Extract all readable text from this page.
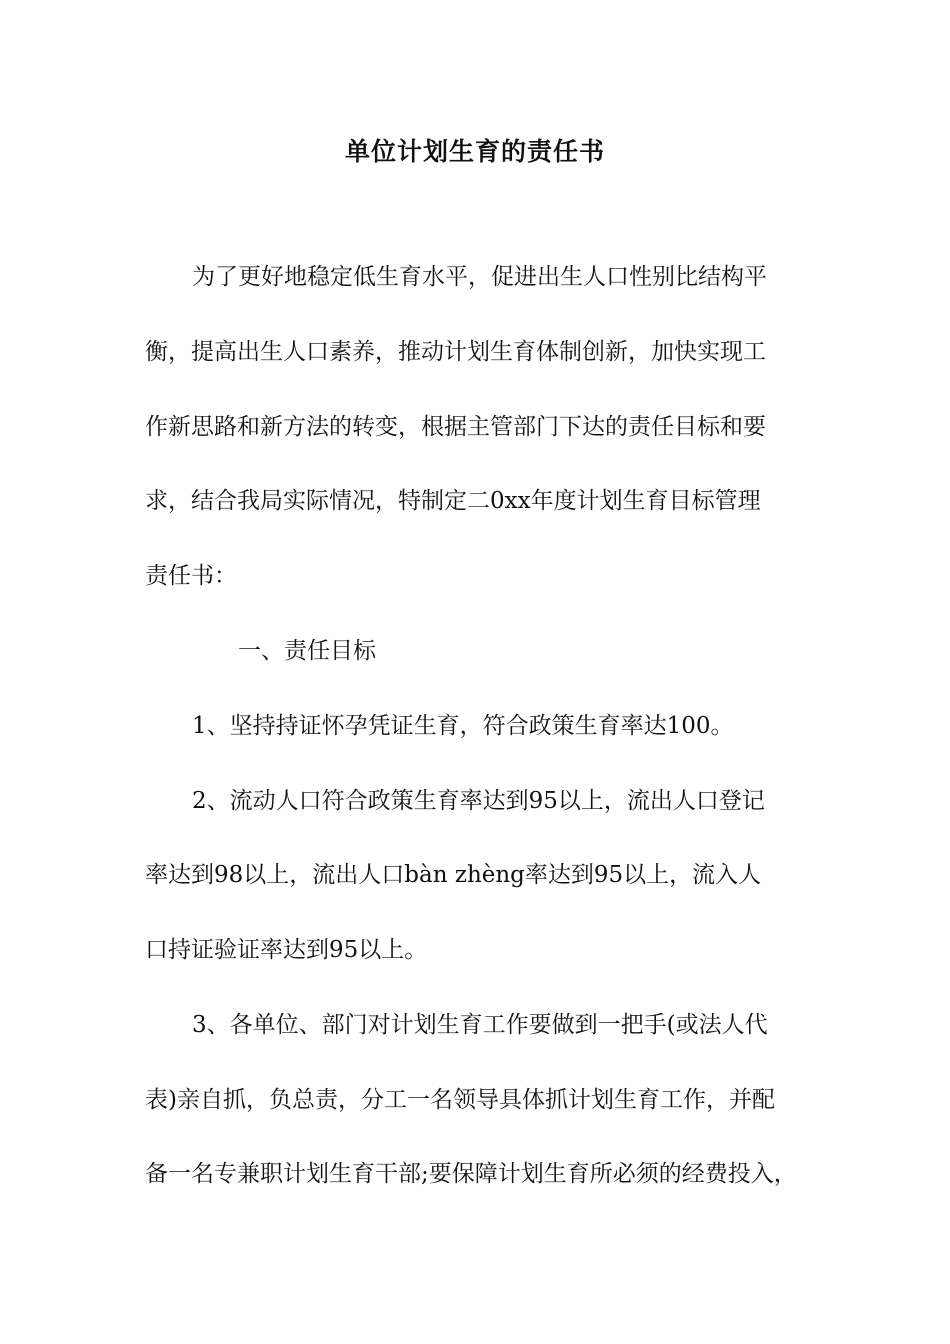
单位计划生育的责任书
为了更好地稳定低生育水平，促进出生人口性别比结构平
衡，提高出生人口素养，推动计划生育体制创新，加快实现工
作新思路和新方法的转变，根据主管部门下达的责任目标和要
求，结合我局实际情况，特制定二0xx年度计划生育目标管理
责任书：
一、责任目标
1、坚持持证怀孕凭证生育，符合政策生育率达100。
2、流动人口符合政策生育率达到95以上，流出人口登记
率达到98以上，流出人口bàn zhèng率达到95以上，流入人
口持证验证率达到95以上。
3、各单位、部门对计划生育工作要做到一把手(或法人代
表)亲自抓，负总责，分工一名领导具体抓计划生育工作，并配
备一名专兼职计划生育干部;要保障计划生育所必须的经费投入，
